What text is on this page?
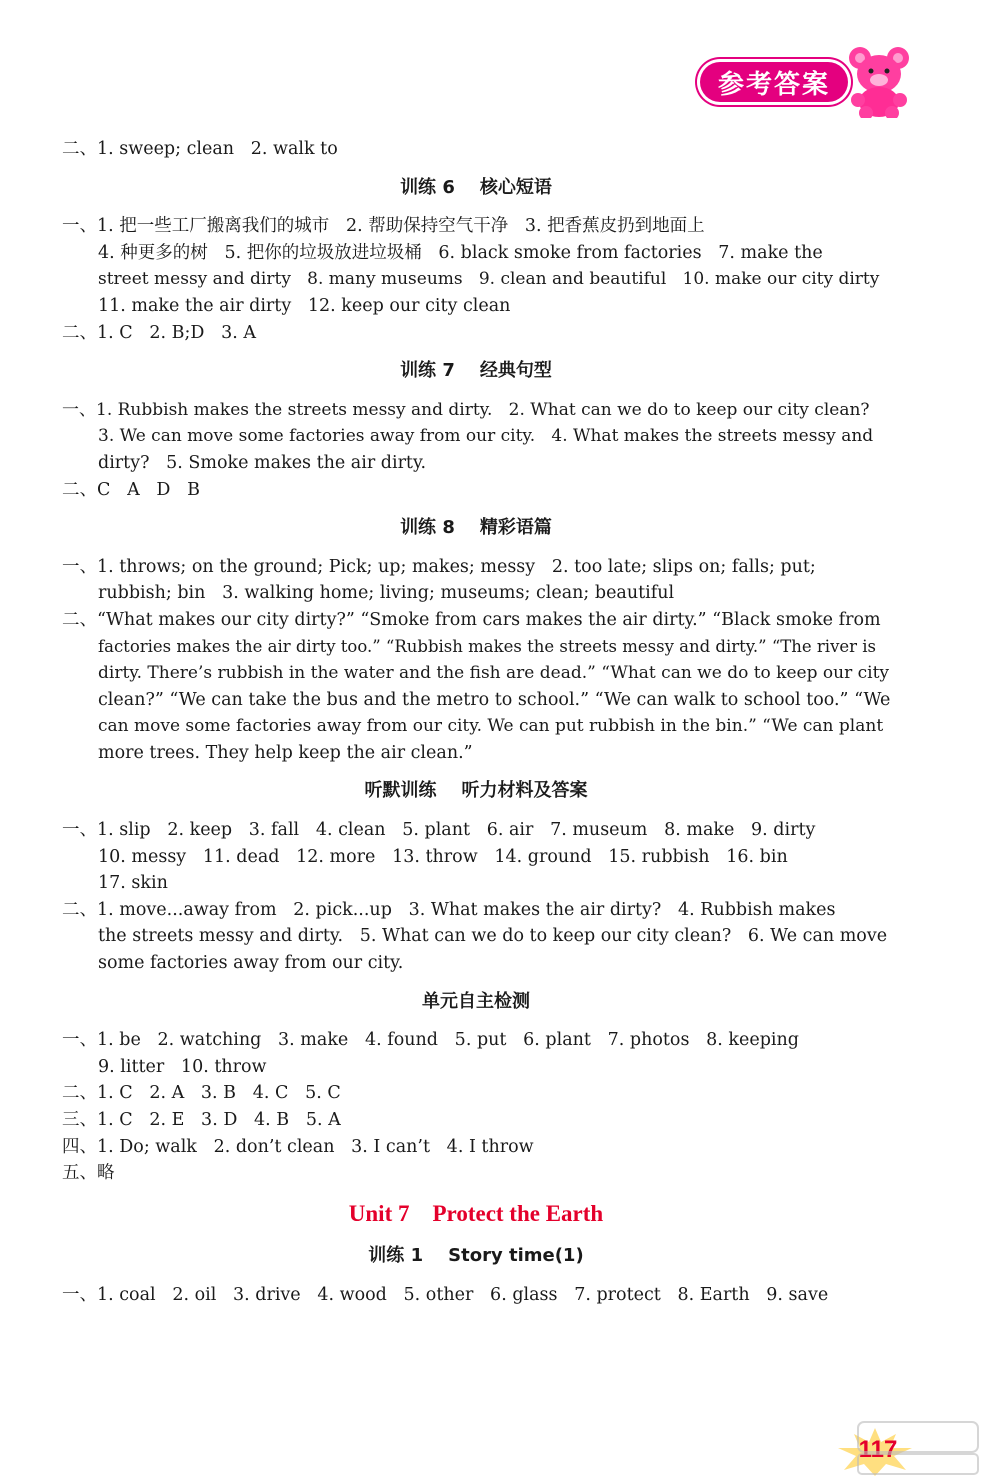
参考答案
二、1. sweep; clean   2. walk to
训练 6    核心短语
一、1. 把一些工厂搬离我们的城市   2. 帮助保持空气干净   3. 把香蕉皮扔到地面上
4. 种更多的树   5. 把你的垃圾放进垃圾桶   6. black smoke from factories   7. make the
street messy and dirty   8. many museums   9. clean and beautiful   10. make our city dirty
11. make the air dirty   12. keep our city clean
二、1. C   2. B;D   3. A
训练 7    经典句型
一、1. Rubbish makes the streets messy and dirty.   2. What can we do to keep our city clean?
3. We can move some factories away from our city.   4. What makes the streets messy and
dirty?   5. Smoke makes the air dirty.
二、C   A   D   B
训练 8    精彩语篇
一、1. throws; on the ground; Pick; up; makes; messy   2. too late; slips on; falls; put;
rubbish; bin   3. walking home; living; museums; clean; beautiful
二、“What makes our city dirty?” “Smoke from cars makes the air dirty.” “Black smoke from
factories makes the air dirty too.” “Rubbish makes the streets messy and dirty.” “The river is
dirty. There’s rubbish in the water and the fish are dead.” “What can we do to keep our city
clean?” “We can take the bus and the metro to school.” “We can walk to school too.” “We
can move some factories away from our city. We can put rubbish in the bin.” “We can plant
more trees. They help keep the air clean.”
听默训练    听力材料及答案
一、1. slip   2. keep   3. fall   4. clean   5. plant   6. air   7. museum   8. make   9. dirty
10. messy   11. dead   12. more   13. throw   14. ground   15. rubbish   16. bin
17. skin
二、1. move...away from   2. pick...up   3. What makes the air dirty?   4. Rubbish makes
the streets messy and dirty.   5. What can we do to keep our city clean?   6. We can move
some factories away from our city.
单元自主检测
一、1. be   2. watching   3. make   4. found   5. put   6. plant   7. photos   8. keeping
9. litter   10. throw
二、1. C   2. A   3. B   4. C   5. C
三、1. C   2. E   3. D   4. B   5. A
四、1. Do; walk   2. don’t clean   3. I can’t   4. I throw
五、略
Unit 7    Protect the Earth
训练 1    Story time(1)
一、1. coal   2. oil   3. drive   4. wood   5. other   6. glass   7. protect   8. Earth   9. save
117
